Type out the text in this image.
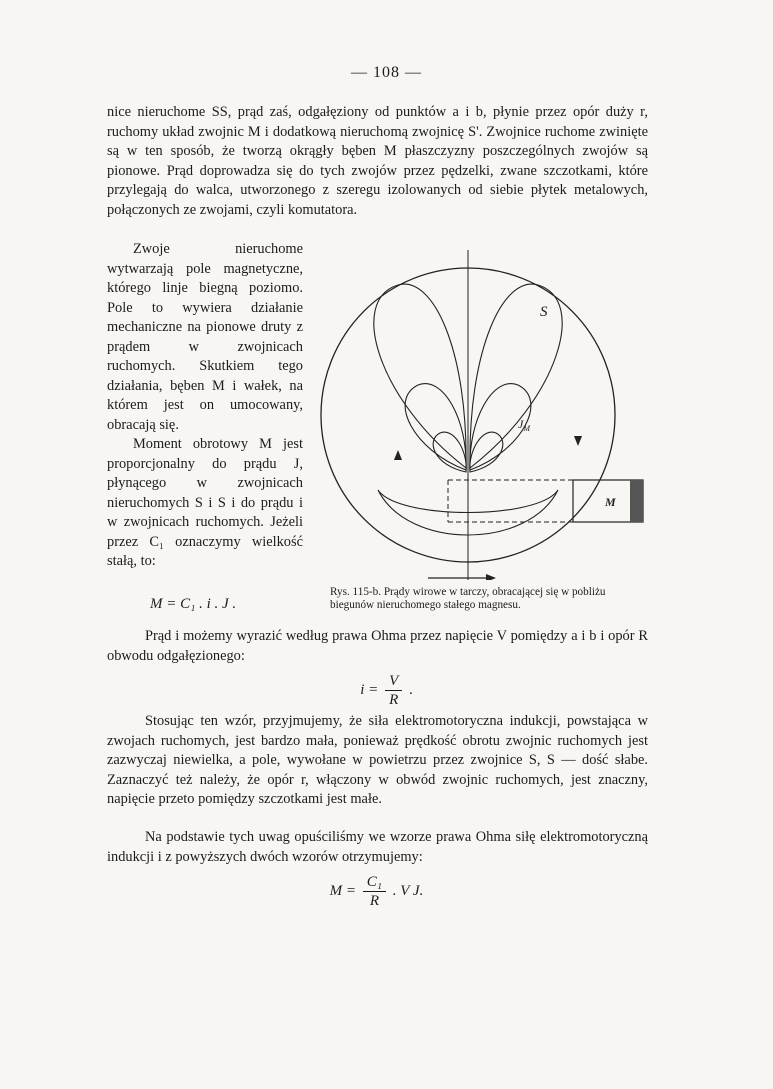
— 108 —

nice nieruchome SS, prąd zaś, odgałęziony od punktów a i b, płynie przez opór duży r, ruchomy układ zwojnic M i dodatkową nieruchomą zwojnicę S'. Zwojnice ruchome zwinięte są w ten sposób, że tworzą okrągły bęben M płaszczyzny poszczególnych zwojów są pionowe. Prąd doprowadza się do tych zwojów przez pędzelki, zwane szczotkami, które przylegają do walca, utworzonego z szeregu izolowanych od siebie płytek metalowych, połączonych ze zwojami, czyli komutatora.

Zwoje nieruchome wytwarzają pole magnetyczne, którego linje biegną poziomo. Pole to wywiera działanie mechaniczne na pionowe druty z prądem w zwojnicach ruchomych. Skutkiem tego działania, bęben M i wałek, na którem jest on umocowany, obracają się.

Moment obrotowy M jest proporcjonalny do prądu J, płynącego w zwojnicach nieruchomych S i S i do prądu i w zwojnicach ruchomych. Jeżeli przez C₁ oznaczymy wielkość stałą, to:

M = C₁ . i . J .
S
$J_M$
M
Rys. 115-b. Prądy wirowe w tarczy, obracającej się w pobliżu biegunów nieruchomego stałego magnesu.

Prąd i możemy wyrazić według prawa Ohma przez napięcie V pomiędzy a i b i opór R obwodu odgałęzionego:

$i = \frac{V}{R}$ .

Stosując ten wzór, przyjmujemy, że siła elektromotoryczna indukcji, powstająca w zwojach ruchomych, jest bardzo mała, ponieważ prędkość obrotu zwojnic ruchomych jest zazwyczaj niewielka, a pole, wywołane w powietrzu przez zwojnice S, S — dość słabe. Zaznaczyć też należy, że opór r, włączony w obwód zwojnic ruchomych, jest znaczny, napięcie przeto pomiędzy szczotkami jest małe.

Na podstawie tych uwag opuściliśmy we wzorze prawa Ohma siłę elektromotoryczną indukcji i z powyższych dwóch wzorów otrzymujemy:

$M = \frac{\text{C₁}}{R}$ . V J.
